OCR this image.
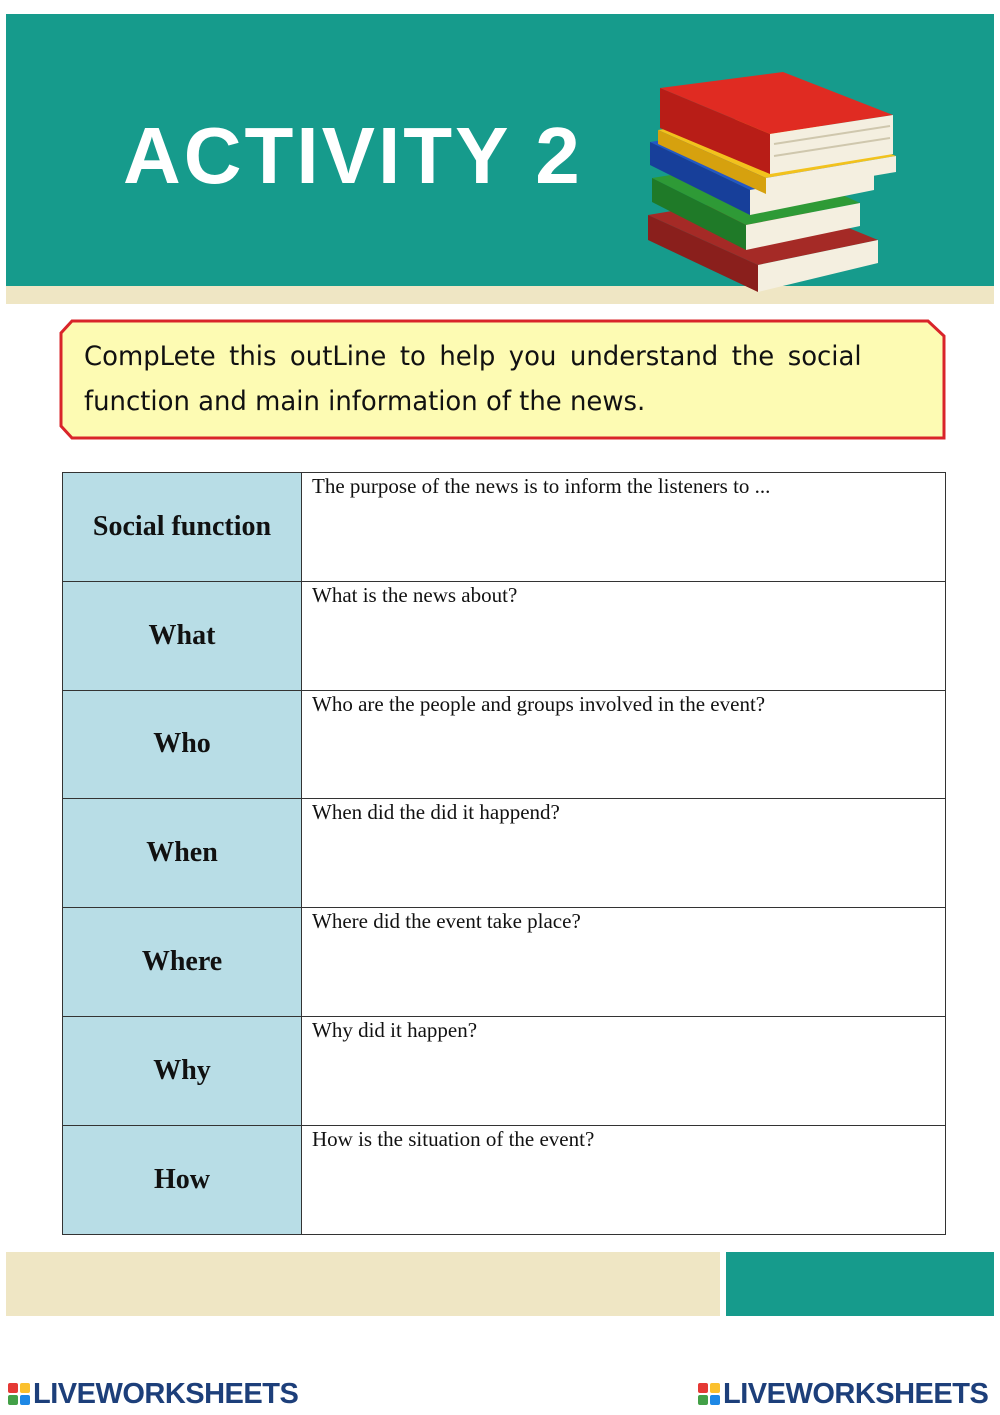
ACTIVITY 2
CompLete this outLine to help you understand the social function and main information of the news.
Social function	The purpose of the news is to inform the listeners to ...

What	What is the news about?

Who	Who are the people and groups involved in the event?

When	When did the did it happend?

Where	Where did the event take place?

Why	Why did it happen?

How	How is the situation of the event?
LIVEWORKSHEETS	LIVEWORKSHEETS
